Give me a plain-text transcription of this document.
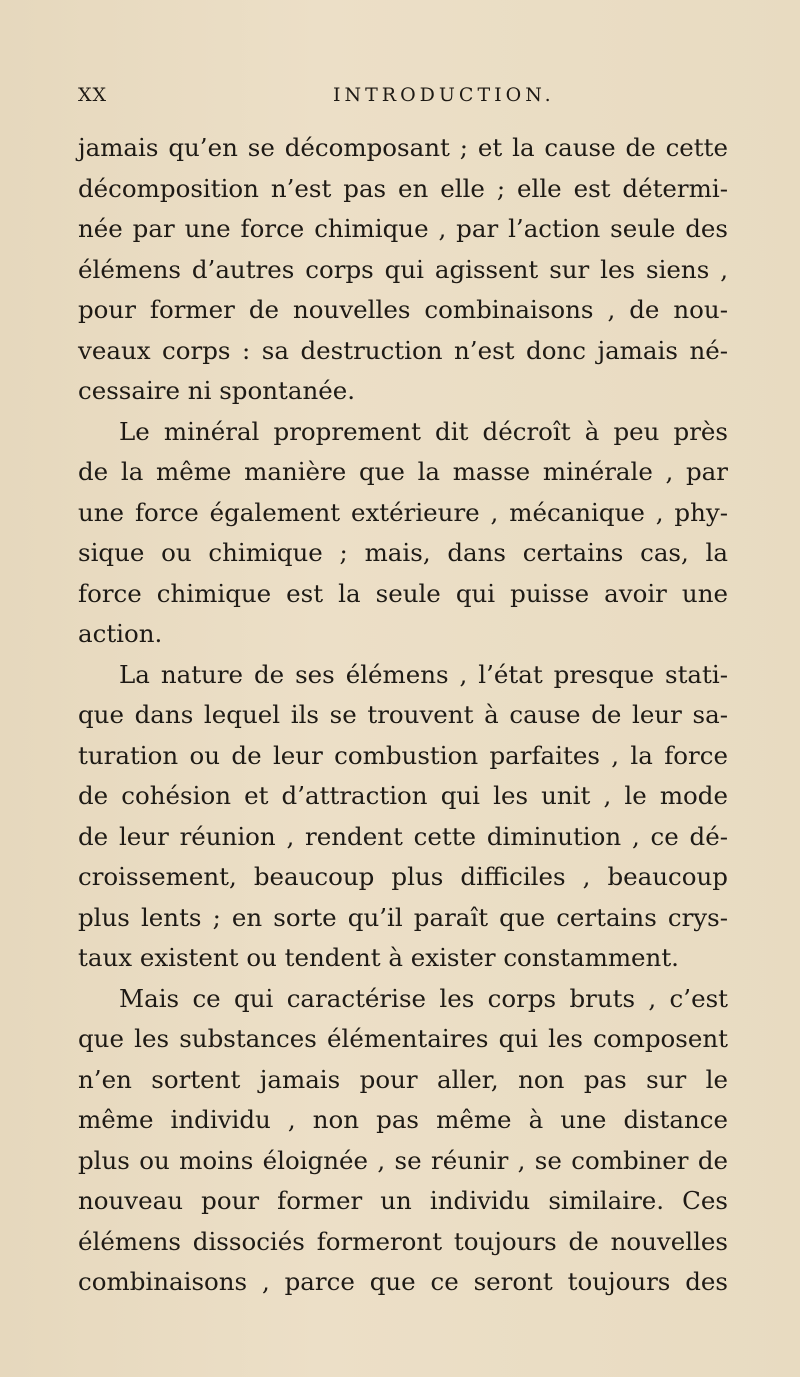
XX	INTRODUCTION.
jamais qu’en se décomposant ; et la cause de cette
décomposition n’est pas en elle ; elle est détermi-
née par une force chimique , par l’action seule des
élémens d’autres corps qui agissent sur les siens ,
pour former de nouvelles combinaisons , de nou-
veaux corps : sa destruction n’est donc jamais né-
cessaire ni spontanée.
Le minéral proprement dit décroît à peu près
de la même manière que la masse minérale , par
une force également extérieure , mécanique , phy-
sique ou chimique ; mais, dans certains cas, la
force chimique est la seule qui puisse avoir une
action.
La nature de ses élémens , l’état presque stati-
que dans lequel ils se trouvent à cause de leur sa-
turation ou de leur combustion parfaites , la force
de cohésion et d’attraction qui les unit , le mode
de leur réunion , rendent cette diminution , ce dé-
croissement, beaucoup plus difficiles , beaucoup
plus lents ; en sorte qu’il paraît que certains crys-
taux existent ou tendent à exister constamment.
Mais ce qui caractérise les corps bruts , c’est
que les substances élémentaires qui les composent
n’en sortent jamais pour aller, non pas sur le
même individu , non pas même à une distance
plus ou moins éloignée , se réunir , se combiner de
nouveau pour former un individu similaire. Ces
élémens dissociés formeront toujours de nouvelles
combinaisons , parce que ce seront toujours des
